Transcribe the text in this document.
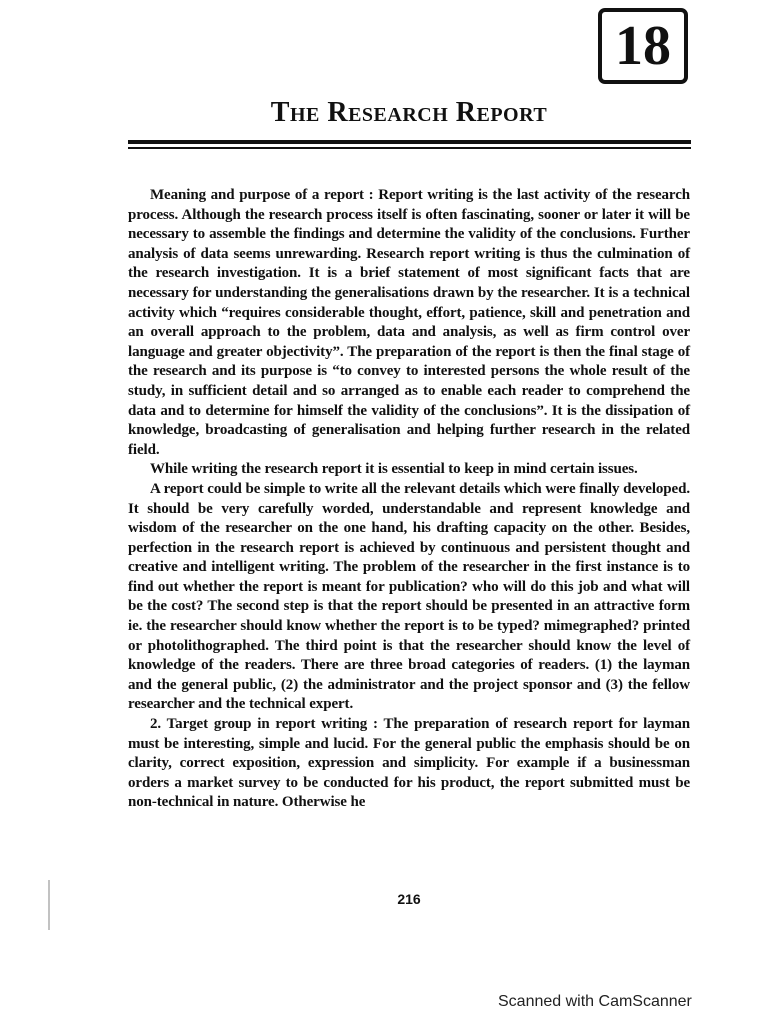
18
The Research Report

Meaning and purpose of a report : Report writing is the last activity of the research process. Although the research process itself is often fascinating, sooner or later it will be necessary to assemble the findings and determine the validity of the conclusions. Further analysis of data seems unrewarding. Research report writing is thus the culmination of the research investigation. It is a brief statement of most significant facts that are necessary for understanding the generalisations drawn by the researcher. It is a technical activity which “requires considerable thought, effort, patience, skill and penetration and an overall approach to the problem, data and analysis, as well as firm control over language and greater objectivity”. The preparation of the report is then the final stage of the research and its purpose is “to convey to interested persons the whole result of the study, in sufficient detail and so arranged as to enable each reader to comprehend the data and to determine for himself the validity of the conclusions”. It is the dissipation of knowledge, broadcasting of generalisation and helping further research in the related field.

While writing the research report it is essential to keep in mind certain issues.

A report could be simple to write all the relevant details which were finally developed. It should be very carefully worded, understandable and represent knowledge and wisdom of the researcher on the one hand, his drafting capacity on the other. Besides, perfection in the research report is achieved by continuous and persistent thought and creative and intelligent writing. The problem of the researcher in the first instance is to find out whether the report is meant for publication? who will do this job and what will be the cost? The second step is that the report should be presented in an attractive form ie. the researcher should know whether the report is to be typed? mimegraphed? printed or photolithographed. The third point is that the researcher should know the level of knowledge of the readers. There are three broad categories of readers. (1) the layman and the general public, (2) the administrator and the project sponsor and (3) the fellow researcher and the technical expert.

2. Target group in report writing : The preparation of research report for layman must be interesting, simple and lucid. For the general public the emphasis should be on clarity, correct exposition, expression and simplicity. For example if a businessman orders a market survey to be conducted for his product, the report submitted must be non-technical in nature. Otherwise he

216
Scanned with CamScanner
